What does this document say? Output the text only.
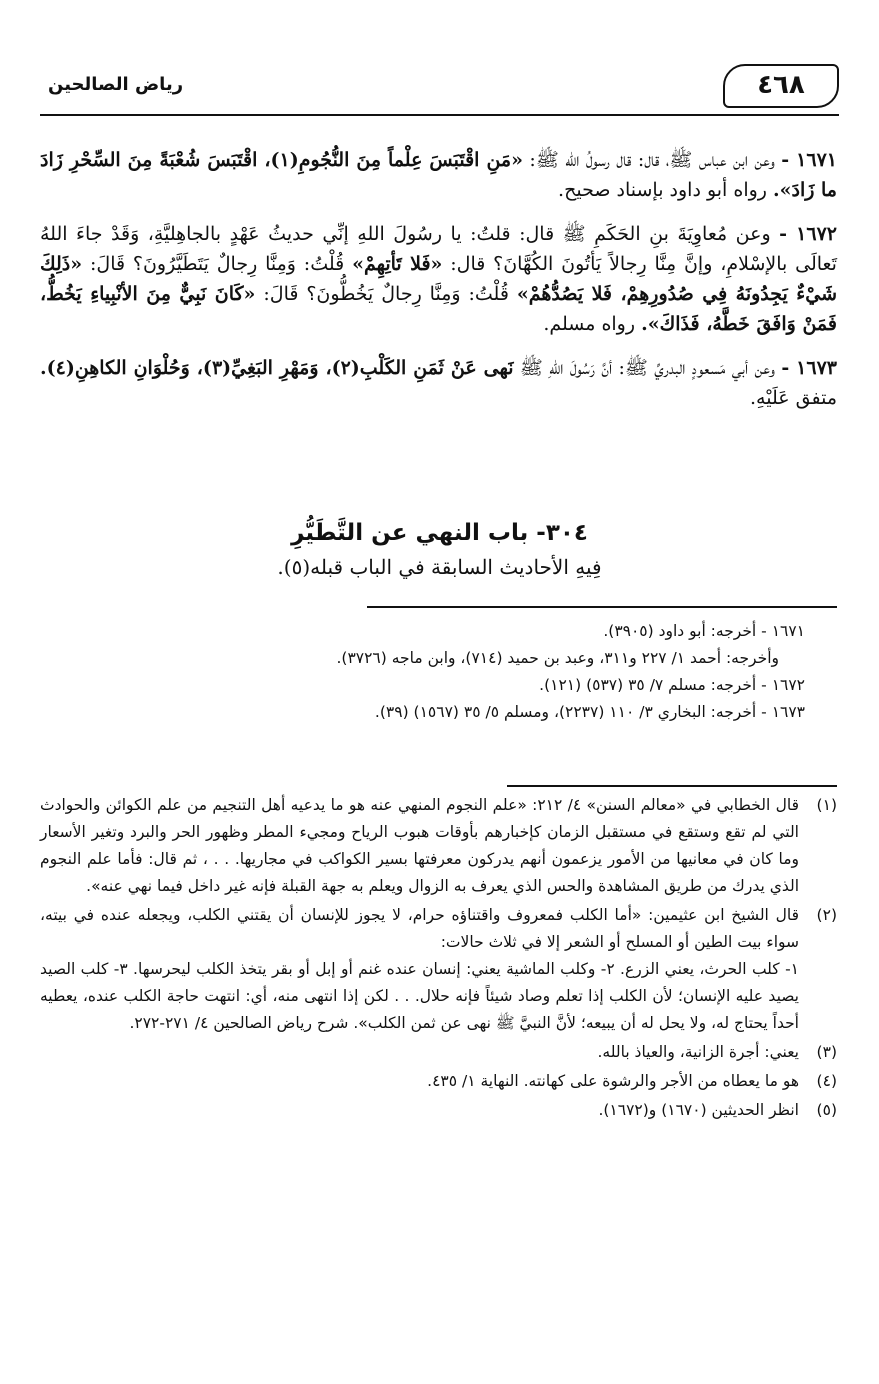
٤٦٨
رياض الصالحين

١٦٧١ - وعن ابن عباس ﷺ، قال: قال رسولُ الله ﷺ: «مَنِ اقْتَبَسَ عِلْماً مِنَ النُّجُومِ(١)، اقْتَبَسَ شُعْبَةً مِنَ السِّحْرِ زَادَ ما زَادَ». رواه أبو داود بإسناد صحيح.

١٦٧٢ - وعن مُعاوِيَةَ بنِ الحَكَمِ ﷺ قال: قلتُ: يا رسُولَ اللهِ إنِّي حديثُ عَهْدٍ بالجاهِليَّةِ، وَقَدْ جاءَ اللهُ تَعالَى بالإسْلامِ، وإنَّ مِنَّا رِجالاً يَأتُونَ الكُهَّانَ؟ قال: «فَلا تَأتِهِمْ» قُلْتُ: وَمِنَّا رِجالٌ يَتَطَيَّرُونَ؟ قَالَ: «ذَلِكَ شَيْءٌ يَجِدُونَهُ فِي صُدُورِهِمْ، فَلا يَصُدُّهُمْ» قُلْتُ: وَمِنَّا رِجالٌ يَخُطُّونَ؟ قَالَ: «كَانَ نَبِيٌّ مِنَ الأنْبِياءِ يَخُطُّ، فَمَنْ وَافَقَ خَطَّهُ، فَذَاكَ». رواه مسلم.

١٦٧٣ - وعن أبي مَسعودٍ البدريِّ ﷺ: أنَّ رَسُولَ اللهِ ﷺ نَهى عَنْ ثَمَنِ الكَلْبِ(٢)، وَمَهْرِ البَغِيِّ(٣)، وَحُلْوَانِ الكاهِنِ(٤). متفق عَلَيْهِ.

٣٠٤- باب النهي عن التَّطَيُّرِ
فِيهِ الأحاديث السابقة في الباب قبله(٥).
١٦٧١ - أخرجه: أبو داود (٣٩٠٥).
وأخرجه: أحمد ١/ ٢٢٧ و٣١١، وعبد بن حميد (٧١٤)، وابن ماجه (٣٧٢٦).
١٦٧٢ - أخرجه: مسلم ٧/ ٣٥ (٥٣٧) (١٢١).
١٦٧٣ - أخرجه: البخاري ٣/ ١١٠ (٢٢٣٧)، ومسلم ٥/ ٣٥ (١٥٦٧) (٣٩).
(١)

قال الخطابي في «معالم السنن» ٤/ ٢١٢: «علم النجوم المنهي عنه هو ما يدعيه أهل التنجيم من علم الكوائن والحوادث التي لم تقع وستقع في مستقبل الزمان كإخبارهم بأوقات هبوب الرياح ومجيء المطر وظهور الحر والبرد وتغير الأسعار وما كان في معانيها من الأمور يزعمون أنهم يدركون معرفتها بسير الكواكب في مجاريها. . . ، ثم قال: فأما علم النجوم الذي يدرك من طريق المشاهدة والحس الذي يعرف به الزوال ويعلم به جهة القبلة فإنه غير داخل فيما نهي عنه».

(٢)

قال الشيخ ابن عثيمين: «أما الكلب فمعروف واقتناؤه حرام، لا يجوز للإنسان أن يقتني الكلب، ويجعله عنده في بيته، سواء بيت الطين أو المسلح أو الشعر إلا في ثلاث حالات:

١- كلب الحرث، يعني الزرع. ٢- وكلب الماشية يعني: إنسان عنده غنم أو إبل أو بقر يتخذ الكلب ليحرسها. ٣- كلب الصيد يصيد عليه الإنسان؛ لأن الكلب إذا تعلم وصاد شيئاً فإنه حلال. . . لكن إذا انتهى منه، أي: انتهت حاجة الكلب عنده، يعطيه أحداً يحتاج له، ولا يحل له أن يبيعه؛ لأنَّ النبيَّ ﷺ نهى عن ثمن الكلب». شرح رياض الصالحين ٤/ ٢٧١-٢٧٢.

(٣)

يعني: أجرة الزانية، والعياذ بالله.

(٤)

هو ما يعطاه من الأجر والرشوة على كهانته. النهاية ١/ ٤٣٥.

(٥)

انظر الحديثين (١٦٧٠) و(١٦٧٢).
